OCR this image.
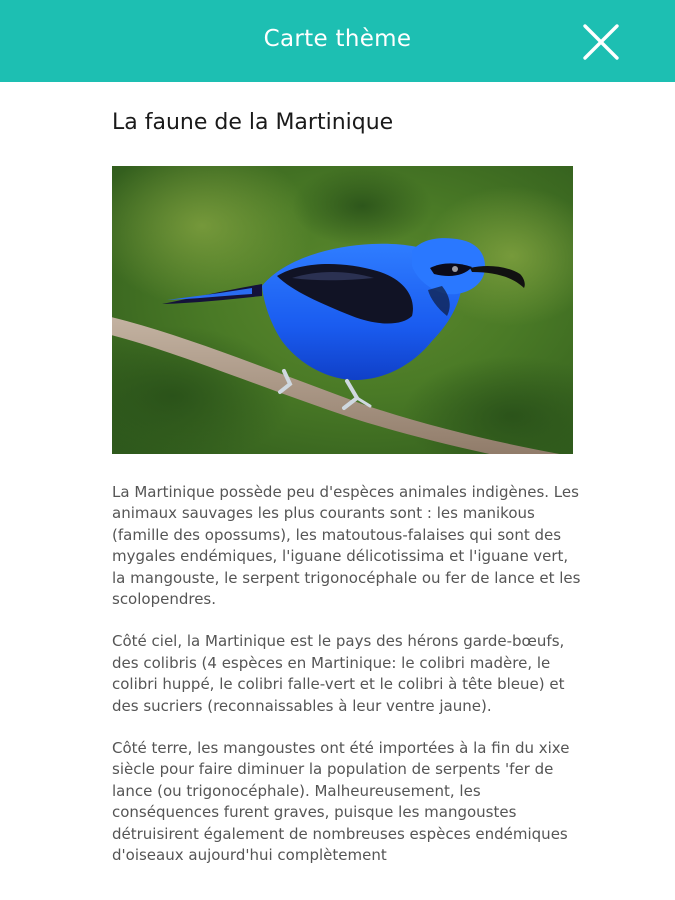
Carte thème
La faune de la Martinique

La Martinique possède peu d'espèces animales indigènes. Les animaux sauvages les plus courants sont : les manikous (famille des opossums), les matoutous-falaises qui sont des mygales endémiques, l'iguane délicotissima et l'iguane vert, la mangouste, le serpent trigonocéphale ou fer de lance et les scolopendres.

Côté ciel, la Martinique est le pays des hérons garde-bœufs, des colibris (4 espèces en Martinique: le colibri madère, le colibri huppé, le colibri falle-vert et le colibri à tête bleue) et des sucriers (reconnaissables à leur ventre jaune).

Côté terre, les mangoustes ont été importées à la fin du xixe siècle pour faire diminuer la population de serpents 'fer de lance (ou trigonocéphale). Malheureusement, les conséquences furent graves, puisque les mangoustes détruisirent également de nombreuses espèces endémiques d'oiseaux aujourd'hui complètement
